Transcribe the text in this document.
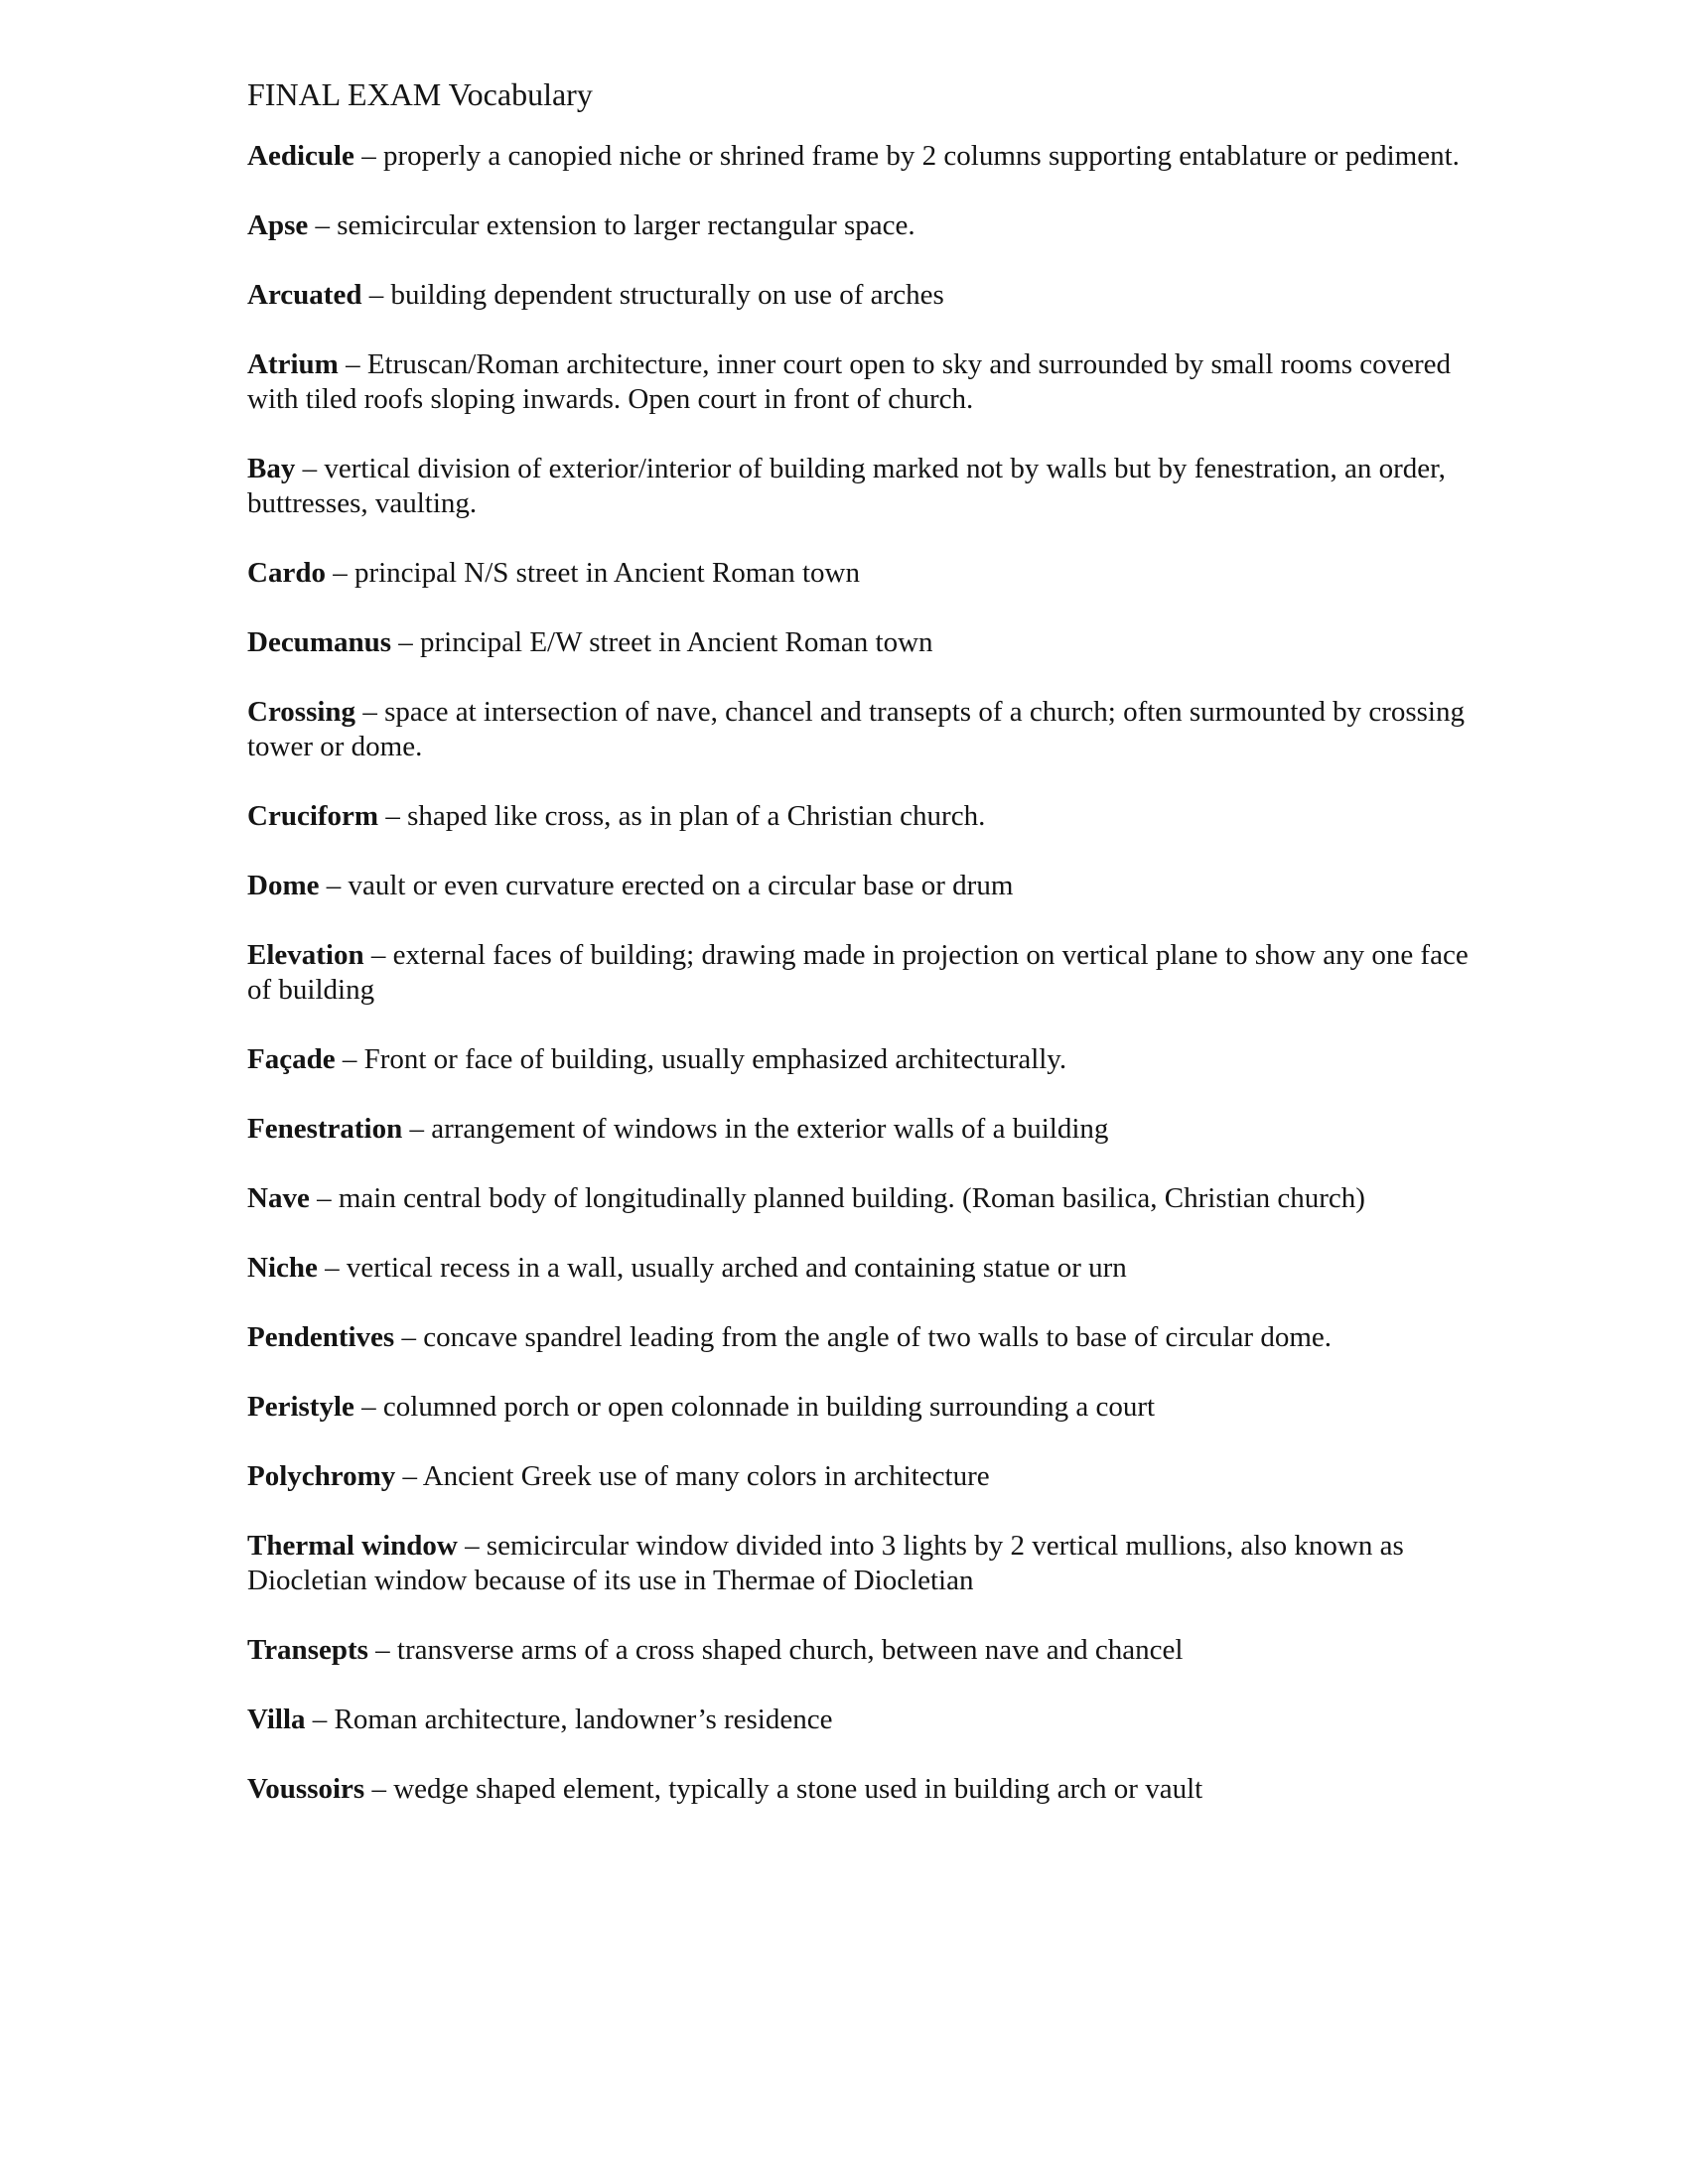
FINAL EXAM Vocabulary

Aedicule – properly a canopied niche or shrined frame by 2 columns supporting entablature or pediment.

Apse – semicircular extension to larger rectangular space.

Arcuated – building dependent structurally on use of arches

Atrium – Etruscan/Roman architecture, inner court open to sky and surrounded by small rooms covered with tiled roofs sloping inwards. Open court in front of church.

Bay – vertical division of exterior/interior of building marked not by walls but by fenestration, an order, buttresses, vaulting.

Cardo – principal N/S street in Ancient Roman town

Decumanus – principal E/W street in Ancient Roman town

Crossing – space at intersection of nave, chancel and transepts of a church; often surmounted by crossing tower or dome.

Cruciform – shaped like cross, as in plan of a Christian church.

Dome – vault or even curvature erected on a circular base or drum

Elevation – external faces of building; drawing made in projection on vertical plane to show any one face of building

Façade – Front or face of building, usually emphasized architecturally.

Fenestration – arrangement of windows in the exterior walls of a building

Nave – main central body of longitudinally planned building. (Roman basilica, Christian church)

Niche – vertical recess in a wall, usually arched and containing statue or urn

Pendentives – concave spandrel leading from the angle of two walls to base of circular dome.

Peristyle – columned porch or open colonnade in building surrounding a court

Polychromy – Ancient Greek use of many colors in architecture

Thermal window – semicircular window divided into 3 lights by 2 vertical mullions, also known as Diocletian window because of its use in Thermae of Diocletian

Transepts – transverse arms of a cross shaped church, between nave and chancel

Villa – Roman architecture, landowner’s residence

Voussoirs – wedge shaped element, typically a stone used in building arch or vault
